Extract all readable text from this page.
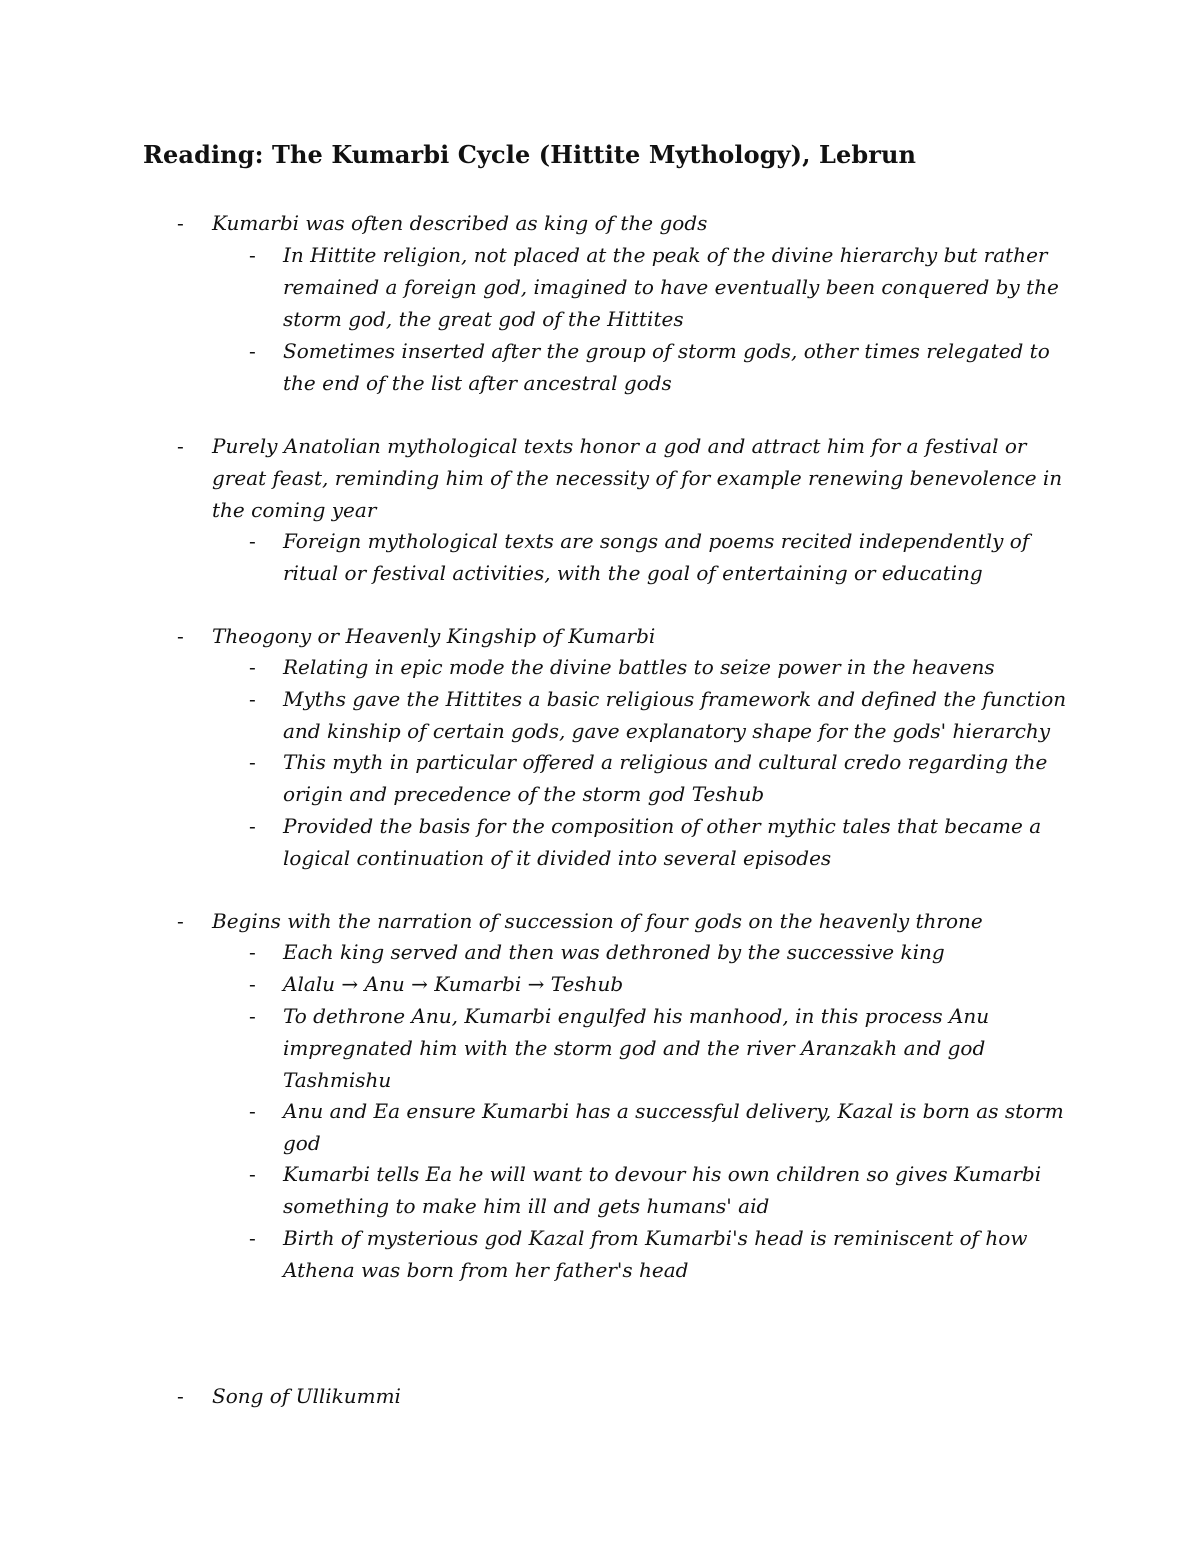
Reading: The Kumarbi Cycle (Hittite Mythology), Lebrun
- Kumarbi was often described as king of the gods
- In Hittite religion, not placed at the peak of the divine hierarchy but rather remained a foreign god, imagined to have eventually been conquered by the storm god, the great god of the Hittites
- Sometimes inserted after the group of storm gods, other times relegated to the end of the list after ancestral gods
- Purely Anatolian mythological texts honor a god and attract him for a festival or great feast, reminding him of the necessity of for example renewing benevolence in the coming year
- Foreign mythological texts are songs and poems recited independently of ritual or festival activities, with the goal of entertaining or educating
- Theogony or Heavenly Kingship of Kumarbi
- Relating in epic mode the divine battles to seize power in the heavens
- Myths gave the Hittites a basic religious framework and defined the function and kinship of certain gods, gave explanatory shape for the gods' hierarchy
- This myth in particular offered a religious and cultural credo regarding the origin and precedence of the storm god Teshub
- Provided the basis for the composition of other mythic tales that became a logical continuation of it divided into several episodes
- Begins with the narration of succession of four gods on the heavenly throne
- Each king served and then was dethroned by the successive king
- Alalu → Anu → Kumarbi → Teshub
- To dethrone Anu, Kumarbi engulfed his manhood, in this process Anu impregnated him with the storm god and the river Aranzakh and god Tashmishu
- Anu and Ea ensure Kumarbi has a successful delivery, Kazal is born as storm god
- Kumarbi tells Ea he will want to devour his own children so gives Kumarbi something to make him ill and gets humans' aid
- Birth of mysterious god Kazal from Kumarbi's head is reminiscent of how Athena was born from her father's head
- Song of Ullikummi
